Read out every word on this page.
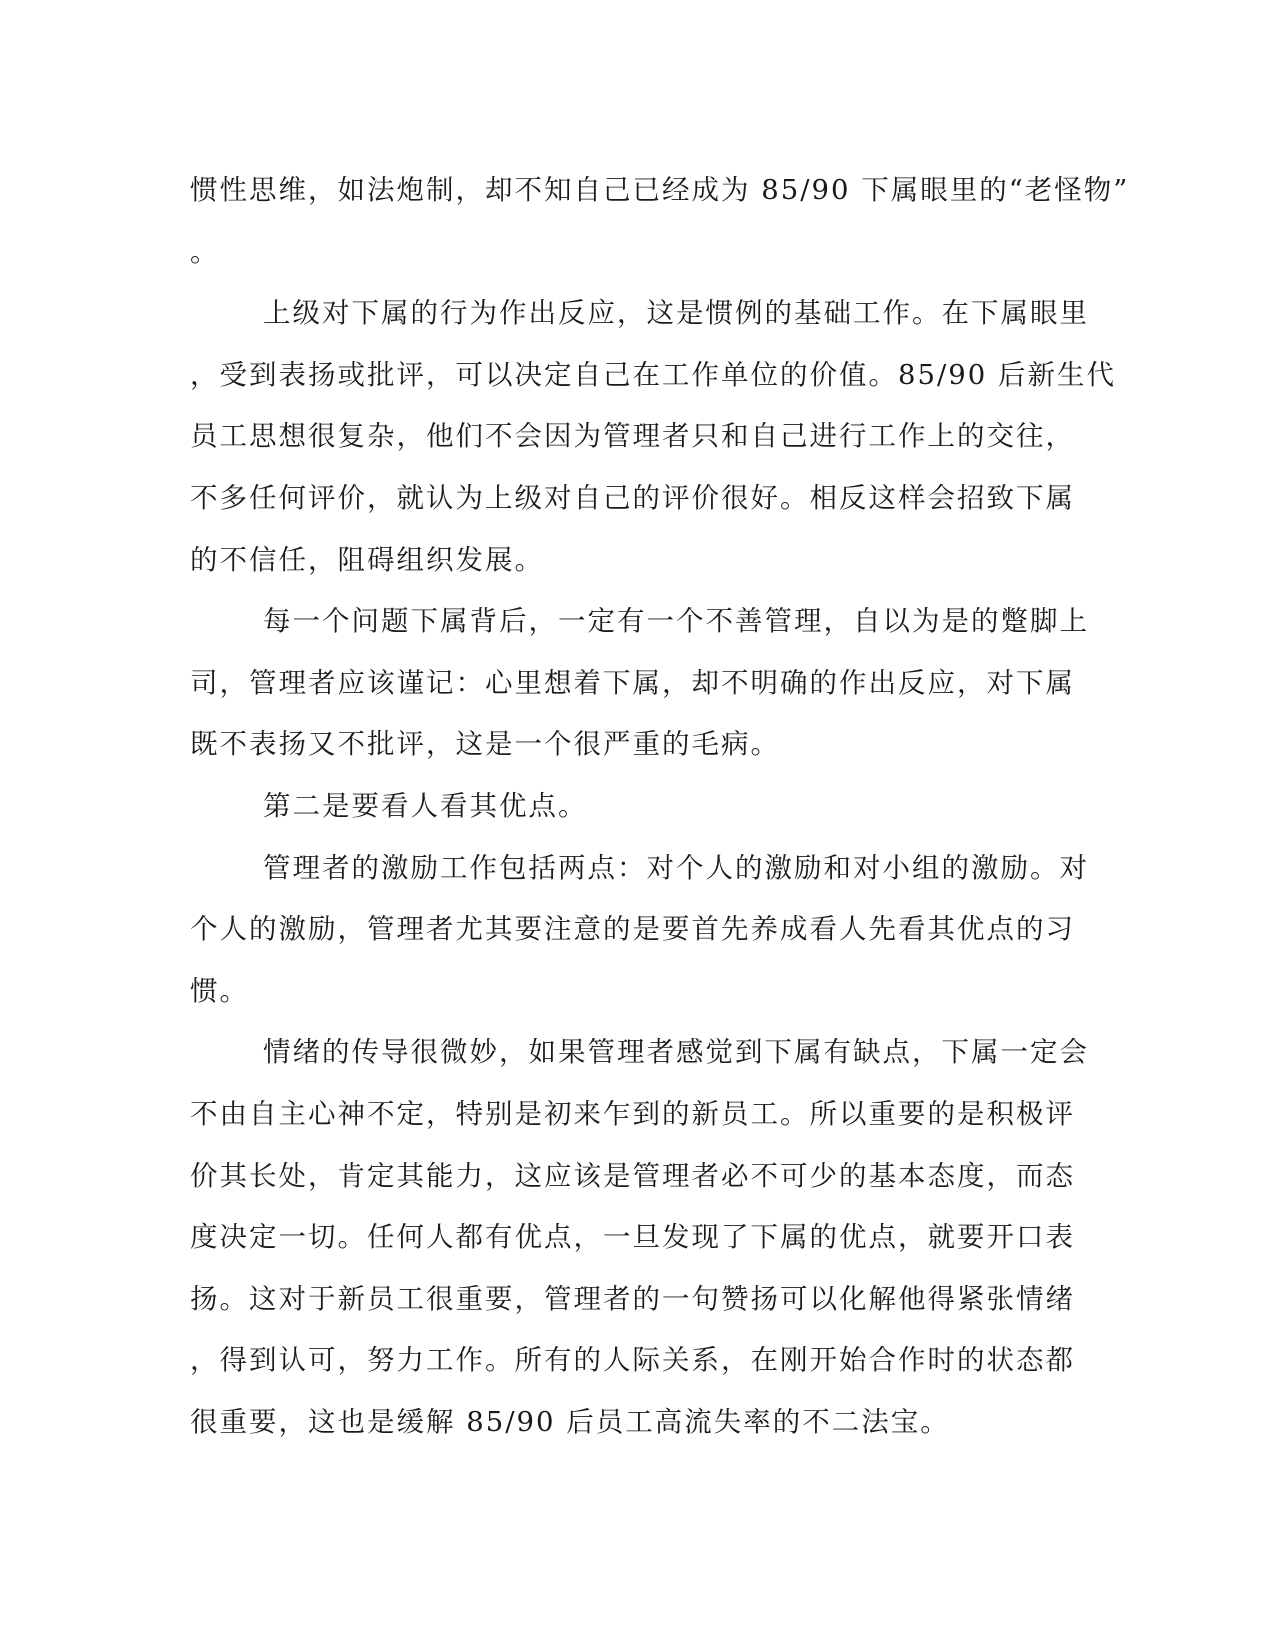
惯性思维，如法炮制，却不知自己已经成为 85/90 下属眼里的“老怪物”
。
上级对下属的行为作出反应，这是惯例的基础工作。在下属眼里
，受到表扬或批评，可以决定自己在工作单位的价值。85/90 后新生代
员工思想很复杂，他们不会因为管理者只和自己进行工作上的交往，
不多任何评价，就认为上级对自己的评价很好。相反这样会招致下属
的不信任，阻碍组织发展。
每一个问题下属背后，一定有一个不善管理，自以为是的蹩脚上
司，管理者应该谨记：心里想着下属，却不明确的作出反应，对下属
既不表扬又不批评，这是一个很严重的毛病。
第二是要看人看其优点。
管理者的激励工作包括两点：对个人的激励和对小组的激励。对
个人的激励，管理者尤其要注意的是要首先养成看人先看其优点的习
惯。
情绪的传导很微妙，如果管理者感觉到下属有缺点，下属一定会
不由自主心神不定，特别是初来乍到的新员工。所以重要的是积极评
价其长处，肯定其能力，这应该是管理者必不可少的基本态度，而态
度决定一切。任何人都有优点，一旦发现了下属的优点，就要开口表
扬。这对于新员工很重要，管理者的一句赞扬可以化解他得紧张情绪
，得到认可，努力工作。所有的人际关系，在刚开始合作时的状态都
很重要，这也是缓解 85/90 后员工高流失率的不二法宝。
